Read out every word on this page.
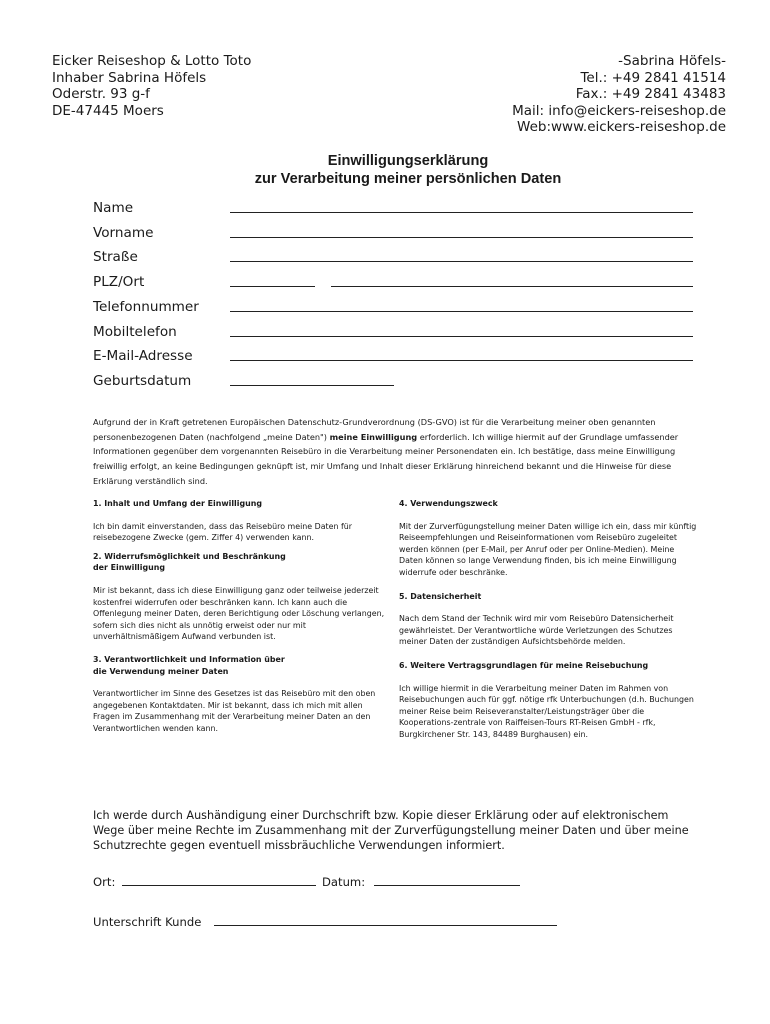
Eicker Reiseshop & Lotto Toto
Inhaber Sabrina Höfels
Oderstr. 93 g-f
DE-47445 Moers
-Sabrina Höfels-
Tel.: +49 2841 41514
Fax.: +49 2841 43483
Mail: info@eickers-reiseshop.de
Web:www.eickers-reiseshop.de
Einwilligungserklärung
zur Verarbeitung meiner persönlichen Daten
Name
Vorname
Straße
PLZ/Ort
Telefonnummer
Mobiltelefon
E-Mail-Adresse
Geburtsdatum
Aufgrund der in Kraft getretenen Europäischen Datenschutz-Grundverordnung (DS-GVO) ist für die Verarbeitung meiner oben genannten personenbezogenen Daten (nachfolgend „meine Daten") meine Einwilligung erforderlich. Ich willige hiermit auf der Grundlage umfassender Informationen gegenüber dem vorgenannten Reisebüro in die Verarbeitung meiner Personendaten ein. Ich bestätige, dass meine Einwilligung freiwillig erfolgt, an keine Bedingungen geknüpft ist, mir Umfang und Inhalt dieser Erklärung hinreichend bekannt und die Hinweise für diese Erklärung verständlich sind.

1. Inhalt und Umfang der Einwilligung

Ich bin damit einverstanden, dass das Reisebüro meine Daten für reisebezogene Zwecke (gem. Ziffer 4) verwenden kann.

2. Widerrufsmöglichkeit und Beschränkung
der Einwilligung

Mir ist bekannt, dass ich diese Einwilligung ganz oder teilweise jederzeit kostenfrei widerrufen oder beschränken kann. Ich kann auch die Offenlegung meiner Daten, deren Berichtigung oder Löschung verlangen, sofern sich dies nicht als unnötig erweist oder nur mit unverhältnismäßigem Aufwand verbunden ist.

3. Verantwortlichkeit und Information über
die Verwendung meiner Daten

Verantwortlicher im Sinne des Gesetzes ist das Reisebüro mit den oben angegebenen Kontaktdaten. Mir ist bekannt, dass ich mich mit allen Fragen im Zusammenhang mit der Verarbeitung meiner Daten an den Verantwortlichen wenden kann.

4. Verwendungszweck

Mit der Zurverfügungstellung meiner Daten willige ich ein, dass mir künftig Reiseempfehlungen und Reiseinformationen vom Reisebüro zugeleitet werden können (per E-Mail, per Anruf oder per Online-Medien). Meine Daten können so lange Verwendung finden, bis ich meine Einwilligung widerrufe oder beschränke.

5. Datensicherheit

Nach dem Stand der Technik wird mir vom Reisebüro Datensicherheit gewährleistet. Der Verantwortliche würde Verletzungen des Schutzes meiner Daten der zuständigen Aufsichtsbehörde melden.

6. Weitere Vertragsgrundlagen für meine Reisebuchung

Ich willige hiermit in die Verarbeitung meiner Daten im Rahmen von Reisebuchungen auch für ggf. nötige rfk Unterbuchungen (d.h. Buchungen meiner Reise beim Reiseveranstalter/Leistungsträger über die Kooperations-zentrale von Raiffeisen-Tours RT-Reisen GmbH - rfk, Burgkirchener Str. 143, 84489 Burghausen) ein.

Ich werde durch Aushändigung einer Durchschrift bzw. Kopie dieser Erklärung oder auf elektronischem Wege über meine Rechte im Zusammenhang mit der Zurverfügungstellung meiner Daten und über meine Schutzrechte gegen eventuell missbräuchliche Verwendungen informiert.
Ort:	Datum:
Unterschrift Kunde
